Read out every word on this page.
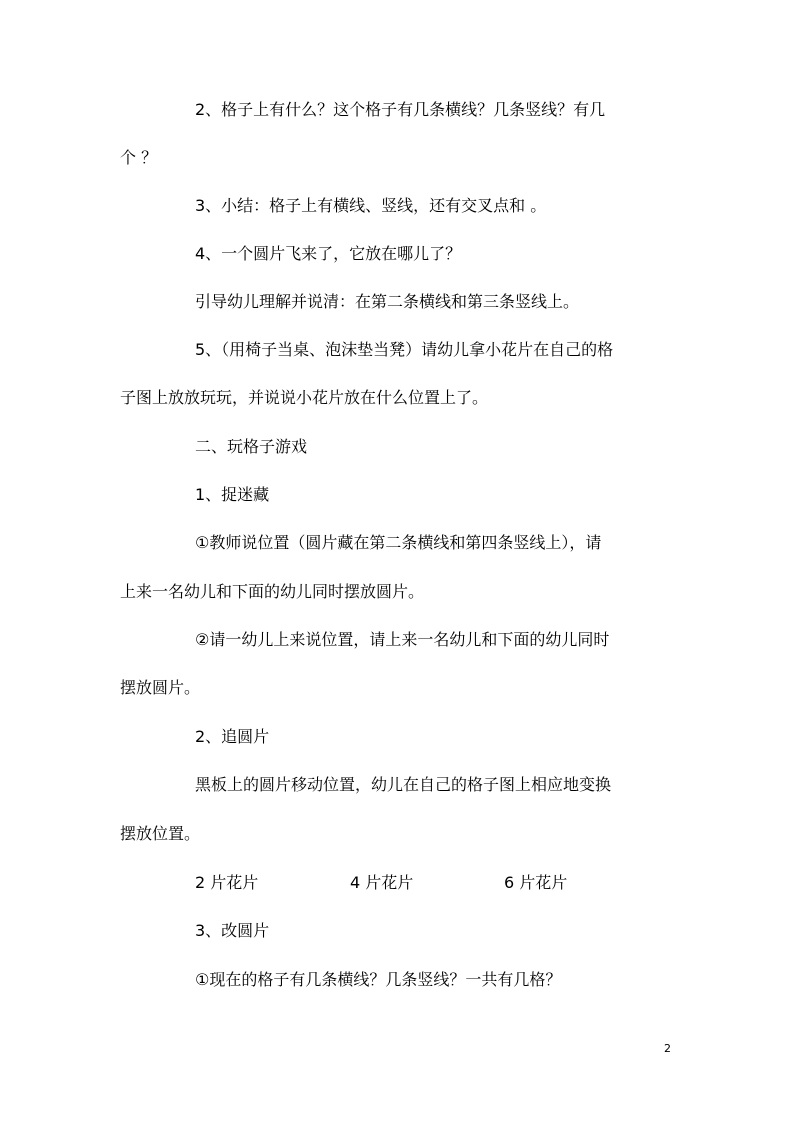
2、格子上有什么？这个格子有几条横线？几条竖线？有几
个 ？
3、小结：格子上有横线、竖线，还有交叉点和 。
4、一个圆片飞来了，它放在哪儿了？
引导幼儿理解并说清：在第二条横线和第三条竖线上。
5、（用椅子当桌、泡沫垫当凳）请幼儿拿小花片在自己的格
子图上放放玩玩，并说说小花片放在什么位置上了。
二、玩格子游戏
1、捉迷藏
①教师说位置（圆片藏在第二条横线和第四条竖线上），请
上来一名幼儿和下面的幼儿同时摆放圆片。
②请一幼儿上来说位置，请上来一名幼儿和下面的幼儿同时
摆放圆片。
2、追圆片
黑板上的圆片移动位置，幼儿在自己的格子图上相应地变换
摆放位置。
2 片花片	4 片花片	6 片花片
3、改圆片
①现在的格子有几条横线？几条竖线？一共有几格？
2
